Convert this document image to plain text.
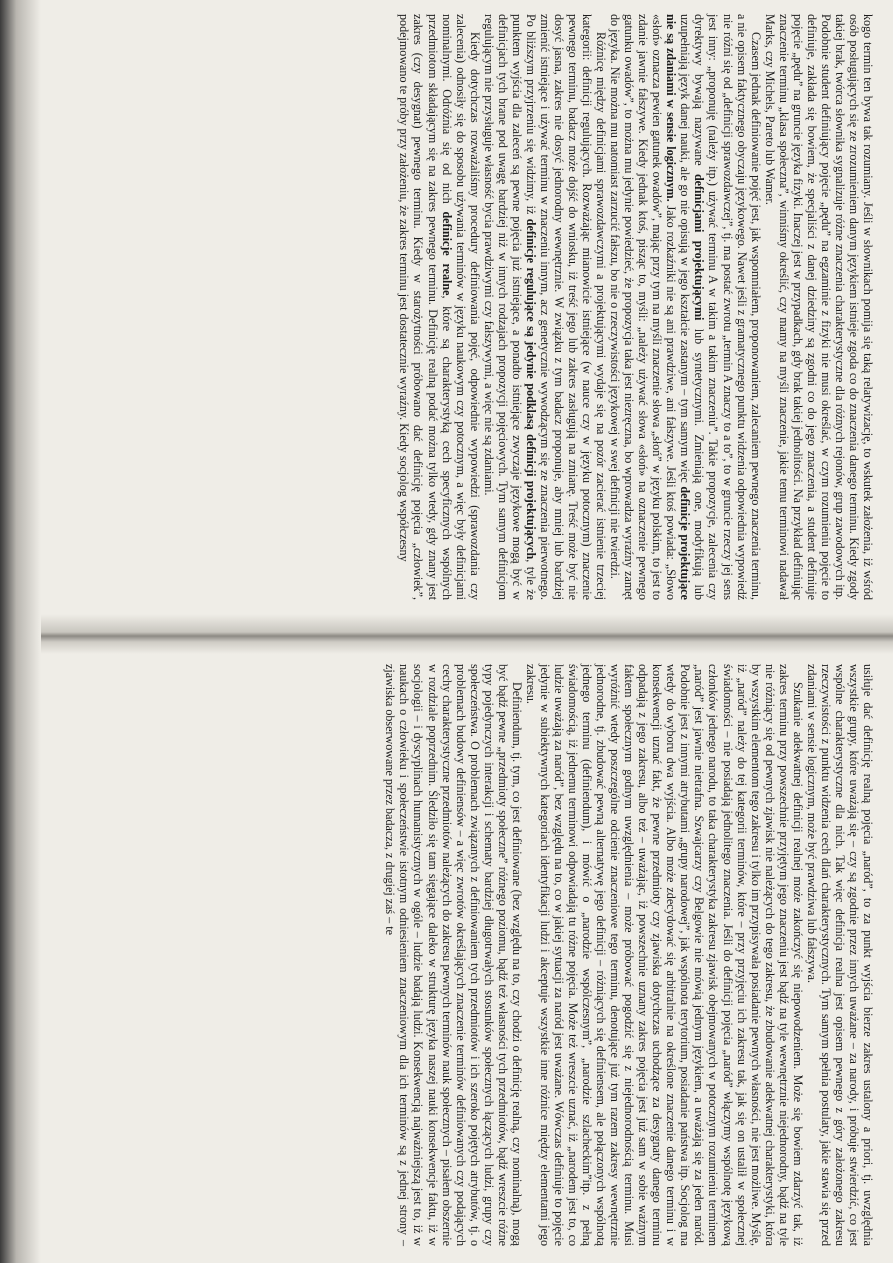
kogo termin ten bywa tak rozumiany. Jeśli w słownikach pomija się taką relatywizację, to wskutek założenia, iż wśród osób posługujących się ze zrozumieniem danym językiem istnieje zgoda co do znaczenia danego terminu. Kiedy zgody takiej brak, twórca słownika sygnalizuje różne znaczenia charakterystyczne dla różnych rejonów, grup zawodowych itp. Podobnie student definiujący pojęcie „pędu” na egzaminie z fizyki nie musi określać, w czym rozumieniu pojęcie to definiuje, zakłada się bowiem, że specjaliści z danej dziedziny są zgodni co do jego znaczenia, a student definiuje pojęcie „pędu” na gruncie języka fizyki. Inaczej jest w przypadkach, gdy brak takiej jednolitości. Na przykład definiując znaczenie terminu „klasa społeczna”, winniśmy określić, czy mamy na myśli znaczenie, jakie temu terminowi nadawał Marks, czy Michels, Pareto lub Wamer.

Czasem jednak definiowanie pojęć jest, jak wspomniałem, proponowaniem, zalecaniem pewnego znaczenia terminu, a nie opisem faktycznego obyczaju językowego. Nawet jeśli z gramatycznego punktu widzenia odpowiednia wypowiedź nie różni się od „definicji sprawozdawczej”, tj. ma postać zwrotu „termin A znaczy to a to”, to w gruncie rzeczy jej sens jest inny: „proponuję (należy itp.) używać terminu A w takim a takim znaczeniu”. Takie propozycje, zalecenia czy dyrektywy bywają nazywane definicjami projektującymi lub syntetycznymi. Zmieniają one, modyfikują lub uzupełniają język danej nauki, ale go nie opisują w jego kształcie zastanym – tym samym więc definicje projektujące nie są zdaniami w sensie logicznym. Jako rozkaźniki nie są ani prawdziwe, ani fałszywe. Jeśli ktoś powiada: „Słowo «słoń» oznacza pewien gatunek owadów”, mając przy tym na myśli znaczenie słowa „słoń” w języku polskim, to jest to zdanie jawnie fałszywe. Kiedy jednak ktoś, pisząc to, myśli: „należy używać słowa «słoń» na oznaczenie pewnego gatunku owadów”, to można mu jedynie powiedzieć, że propozycja taka jest niezręczna, bo wprowadza wyraźny zamęt do języka. Nie można mu natomiast zarzucić fałszu, bo nie o rzeczywistości językowej w swej definicji nie twierdzi.

Różnicę między definicjami sprawozdawczymi a projektującymi wydaje się na pozór zacierać istnienie trzeciej kategorii: definicji regulujących. Rozważając mianowicie istniejące (w nauce czy w języku potocznym) znaczenie pewnego terminu, badacz może dojść do wniosku, iż treść jego lub zakres zasługują na zmianę. Treść może być nie dosyć jasna, zakres nie dosyć jednorodny wewnętrznie. W związku z tym badacz proponuje, aby mniej lub bardziej zmienić istniejące i używać terminu w znaczeniu innym, acz genetycznie wywodzącym się ze znaczenia pierwotnego. Po bliższym przyjrzeniu się widzimy, iż definicje regulujące są jedynie podklasą definicji projektujących, tyle że punktem wyjścia dla zaleceń są pewne pojęcia już istniejące, a ponadto istniejące zwyczaje językowe mogą być w definicjach tych brane pod uwagę bardziej niż w innych rodzajach propozycji pojęciowych. Tym samym definicjom regulującym nie przysługuje własność bycia prawdziwymi czy fałszywymi, a więc nie są zdaniami.

Kiedy dotychczas rozważaliśmy procedury definiowania pojęć, odpowiednie wypowiedzi (sprawozdania czy zalecenia) odnosiły się do sposobu używania terminów w języku naukowym czy potocznym, a więc były definicjami nominalnymi. Odróżnia się od nich definicje realne, które są charakterystyką cech specyficznych wspólnych przedmiotom składającym się na zakres pewnego terminu. Definicję realną podać można tylko wtedy, gdy znany jest zakres (czy desygnat) pewnego terminu. Kiedy w starożytności próbowano dać definicję pojęcia „człowiek”, podejmowano te próby przy założeniu, że zakres terminu jest dostatecznie wyraźny. Kiedy socjolog współczesny

usiłuje dać definicję realną pojęcia „naród”, to za punkt wyjścia bierze zakres ustalony a priori, tj. uwzględnia wszystkie grupy, które uważają się – czy są zgodnie przez innych uważane – za narody, i próbuje stwierdzić, co jest wspólne charakterystyczne dla nich. Tak więc definicja realna jest opisem pewnego z góry założonego zakresu rzeczywistości z punktu widzenia cech dlań charakterystycznych. Tym samym spełnia postulaty, jakie stawia się przed zdaniami w sensie logicznym, może być prawdziwa lub fałszywa.

Szukanie adekwatnej definicji realnej może zakończyć się niepowodzeniem. Może się bowiem zdarzyć tak, iż zakres terminu przy powszechnie przyjętym jego znaczeniu jest bądź na tyle wewnętrznie niejednorodny, bądź na tyle nie różniący się od pewnych zjawisk nie należących do tego zakresu, że zbudowanie adekwatnej charakterystyki, która by wszystkim elementom tego zakresu i tylko im przypisywała posiadanie pewnych własności, nie jest możliwe. Myślę, iż „naród” należy do tej kategorii terminów, które – przy przyjęciu ich zakresu tak, jak się on ustalił w społecznej świadomości – nie posiadają jednolitego znaczenia. Jeśli do definicji pojęcia „naród” włączymy wspólnotę językową członków jednego narodu, to taka charakterystyka zakresu zjawisk obejmowanych w potocznym rozumieniu terminem „naród” jest jawnie nietrafna. Szwajcarzy czy Belgowie nie mówią jednym językiem, a uważają się za jeden naród. Podobnie jest z innymi atrybutami „grupy narodowej”, jak wspólnota terytorium, posiadanie państwa itp. Socjolog ma wtedy do wyboru dwa wyjścia. Albo może zdecydować się arbitralnie na określone znaczenie danego terminu i w konsekwencji uznać fakt, że pewne przedmioty czy zjawiska dotychczas uchodzące za desygnaty danego terminu odpadają z jego zakresu, albo też – uważając, iż powszechnie uznany zakres pojęcia jest już sam w sobie ważnym faktem społecznym godnym uwzględnienia – może próbować pogodzić się z niejednorodnością terminu. Musi wyróżnić wtedy poszczególne odcienie znaczeniowe tego terminu, denotujące już tym razem zakresy wewnętrznie jednorodne, tj. zbudować pewną alternatywę jego definicji – różniących się definiensem, ale połączonych wspólnotą jednego terminu (definiendum), i mówić o „narodzie wspólczesnym”, „narodzie szlacheckim”itp. z pełną świadomością, iż jednemu terminowi odpowiadają tu różne pojęcia. Może też wreszcie uznać, iż „narodem jest to, co ludzie uważają za naród”, bez względu na to, co w jakiej sytuacji za naród jest uważane. Wówczas definiuje to pojęcie jedynie w subiektywnych kategoriach identyfikacji ludzi i akceptuje wszystkie inne różnice między elementami jego zakresu.

Definiendum, tj. tym, co jest definiowane (bez względu na to, czy chodzi o definicję realną, czy nominalną), mogą być bądź pewne „przedmioty społeczne” różnego poziomu, bądź też własności tych przedmiotów, bądź wreszcie różne typy pojedynczych interakcji i schematy bardziej długotrwałych stosunków społecznych łączących ludzi, grupy czy społeczeństwa. O problemach związanych z definiowaniem tych przedmiotów i ich szeroko pojętych atrybutów, tj. o problemach budowy definiensów – a więc zwrotów określających znaczenie terminów definiowanych czy podających cechy charakterystyczne przedmiotów należących do zakresu pewnych terminów nauk społecznych – pisałem obszernie w rozdziale poprzednim. Śledziło się tam sięgające daleko w strukturę języka naszej nauki konsekwencje faktu, iż w socjologii – i dyscyplinach humanistycznych w ogóle – ludzie badają ludzi. Konsekwencją najważniejszą jest to, iż w naukach o człowieku i społeczeństwie istotnym odniesieniem znaczeniowym dla ich terminów są z jednej strony – zjawiska obserwowane przez badacza, z drugiej zaś – te
